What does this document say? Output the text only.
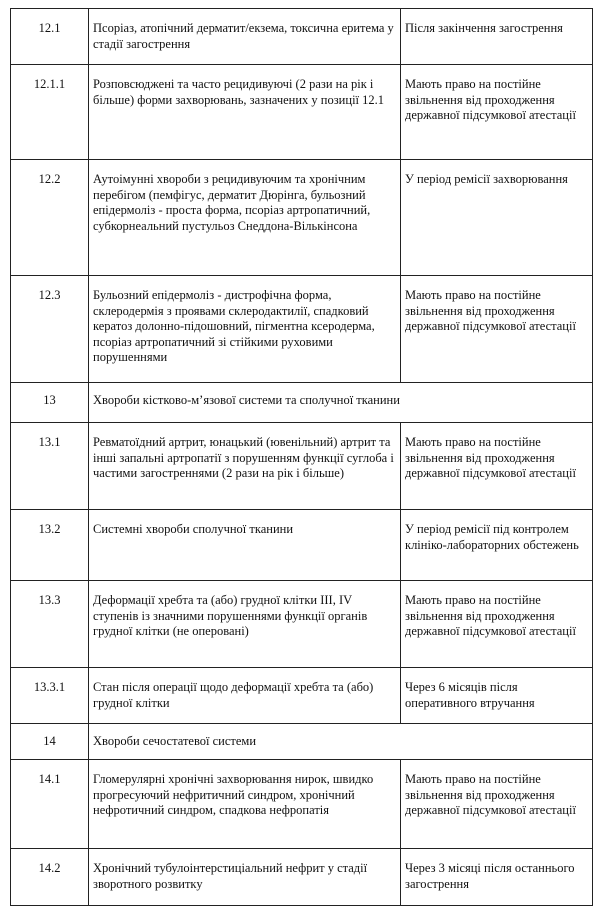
12.1	Псоріаз, атопічний дерматит/екзема, токсична еритема у стадії загострення	Після закінчення загострення
12.1.1	Розповсюджені та часто рецидивуючі (2 рази на рік і більше) форми захворювань, зазначених у позиції 12.1	Мають право на постійне звільнення від проходження державної підсумкової атестації
12.2	Аутоімунні хвороби з рецидивуючим та хронічним перебігом (пемфігус, дерматит Дюрінга, бульозний епідермоліз - проста форма, псоріаз артропатичний, субкорнеальний пустульоз Снеддона-Вількінсона	У період ремісії захворювання
12.3	Бульозний епідермоліз - дистрофічна форма, склеродермія з проявами склеродактилії, спадковий кератоз долонно-підошовний, пігментна ксеродерма, псоріаз артропатичний зі стійкими руховими порушеннями	Мають право на постійне звільнення від проходження державної підсумкової атестації
13	Хвороби кістково-м’язової системи та сполучної тканини	
13.1	Ревматоїдний артрит, юнацький (ювенільний) артрит та інші запальні артропатії з порушенням функції суглоба і частими загостреннями (2 рази на рік і більше)	Мають право на постійне звільнення від проходження державної підсумкової атестації
13.2	Системні хвороби сполучної тканини	У період ремісії під контролем клініко-лабораторних обстежень
13.3	Деформації хребта та (або) грудної клітки III, IV ступенів із значними порушеннями функції органів грудної клітки (не оперовані)	Мають право на постійне звільнення від проходження державної підсумкової атестації
13.3.1	Стан після операції щодо деформації хребта та (або) грудної клітки	Через 6 місяців після оперативного втручання
14	Хвороби сечостатевої системи	
14.1	Гломерулярні хронічні захворювання нирок, швидко прогресуючий нефритичний синдром, хронічний нефротичний синдром, спадкова нефропатія	Мають право на постійне звільнення від проходження державної підсумкової атестації
14.2	Хронічний тубулоінтерстиціальний нефрит у стадії зворотного розвитку	Через 3 місяці після останнього загострення
